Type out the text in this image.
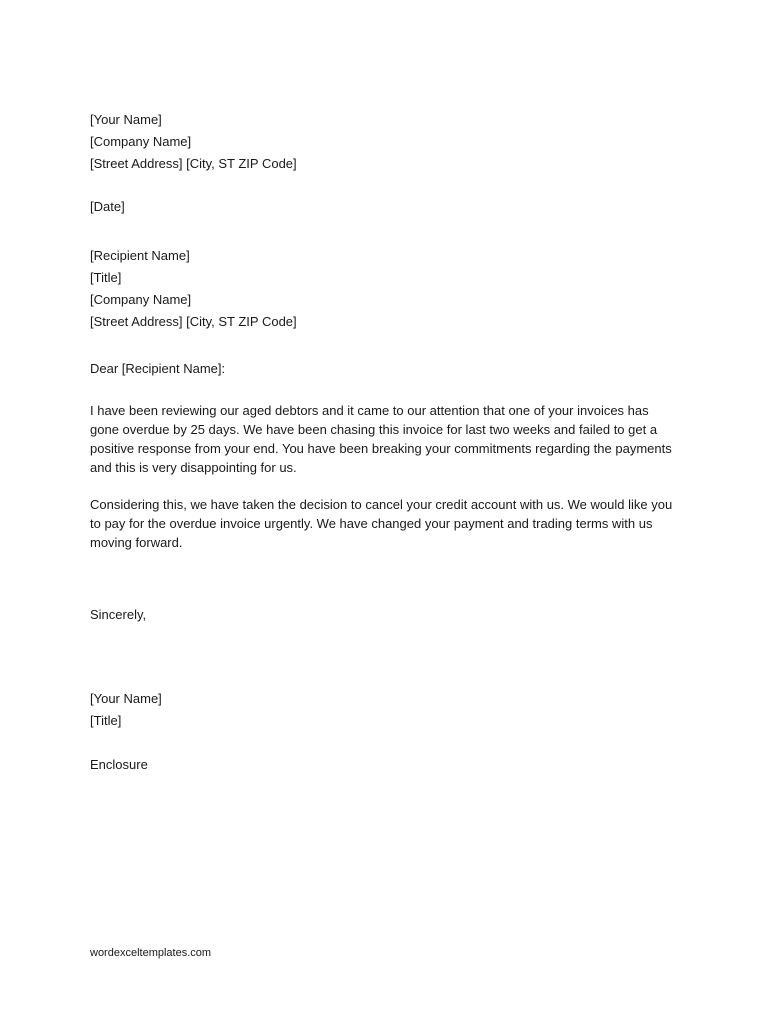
[Your Name]
[Company Name]
[Street Address] [City, ST ZIP Code]
[Date]
[Recipient Name]
[Title]
[Company Name]
[Street Address] [City, ST ZIP Code]
Dear [Recipient Name]:

I have been reviewing our aged debtors and it came to our attention that one of your invoices has gone overdue by 25 days. We have been chasing this invoice for last two weeks and failed to get a positive response from your end. You have been breaking your commitments regarding the payments and this is very disappointing for us.

Considering this, we have taken the decision to cancel your credit account with us. We would like you to pay for the overdue invoice urgently. We have changed your payment and trading terms with us moving forward.

Sincerely,
[Your Name]
[Title]
Enclosure
wordexceltemplates.com
